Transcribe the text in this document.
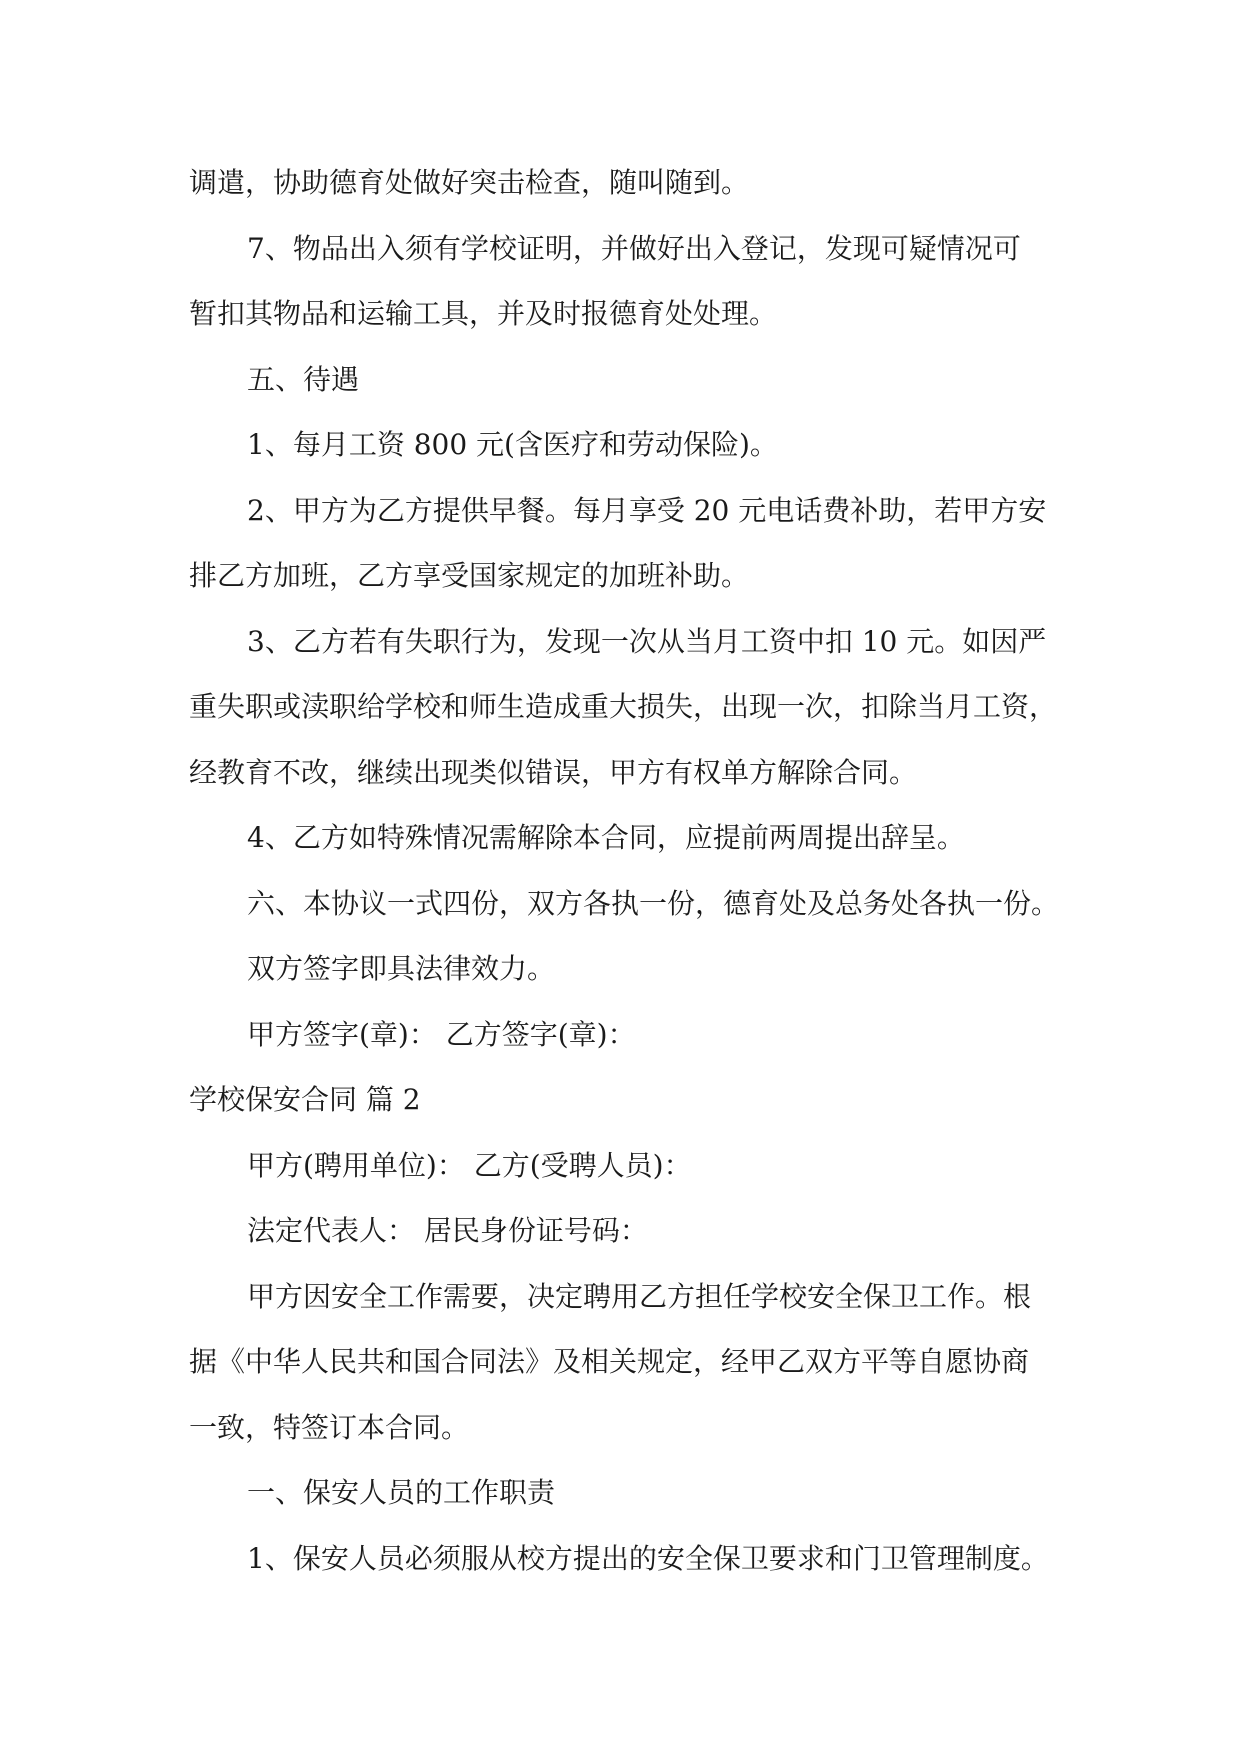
调遣，协助德育处做好突击检查，随叫随到。
7、物品出入须有学校证明，并做好出入登记，发现可疑情况可
暂扣其物品和运输工具，并及时报德育处处理。
五、待遇
1、每月工资 800 元(含医疗和劳动保险)。
2、甲方为乙方提供早餐。每月享受 20 元电话费补助，若甲方安
排乙方加班，乙方享受国家规定的加班补助。
3、乙方若有失职行为，发现一次从当月工资中扣 10 元。如因严
重失职或渎职给学校和师生造成重大损失，出现一次，扣除当月工资，
经教育不改，继续出现类似错误，甲方有权单方解除合同。
4、乙方如特殊情况需解除本合同，应提前两周提出辞呈。
六、本协议一式四份，双方各执一份，德育处及总务处各执一份。
双方签字即具法律效力。
甲方签字(章)： 乙方签字(章)：
学校保安合同 篇 2
甲方(聘用单位)： 乙方(受聘人员)：
法定代表人： 居民身份证号码：
甲方因安全工作需要，决定聘用乙方担任学校安全保卫工作。根
据《中华人民共和国合同法》及相关规定，经甲乙双方平等自愿协商
一致，特签订本合同。
一、保安人员的工作职责
1、保安人员必须服从校方提出的安全保卫要求和门卫管理制度。
